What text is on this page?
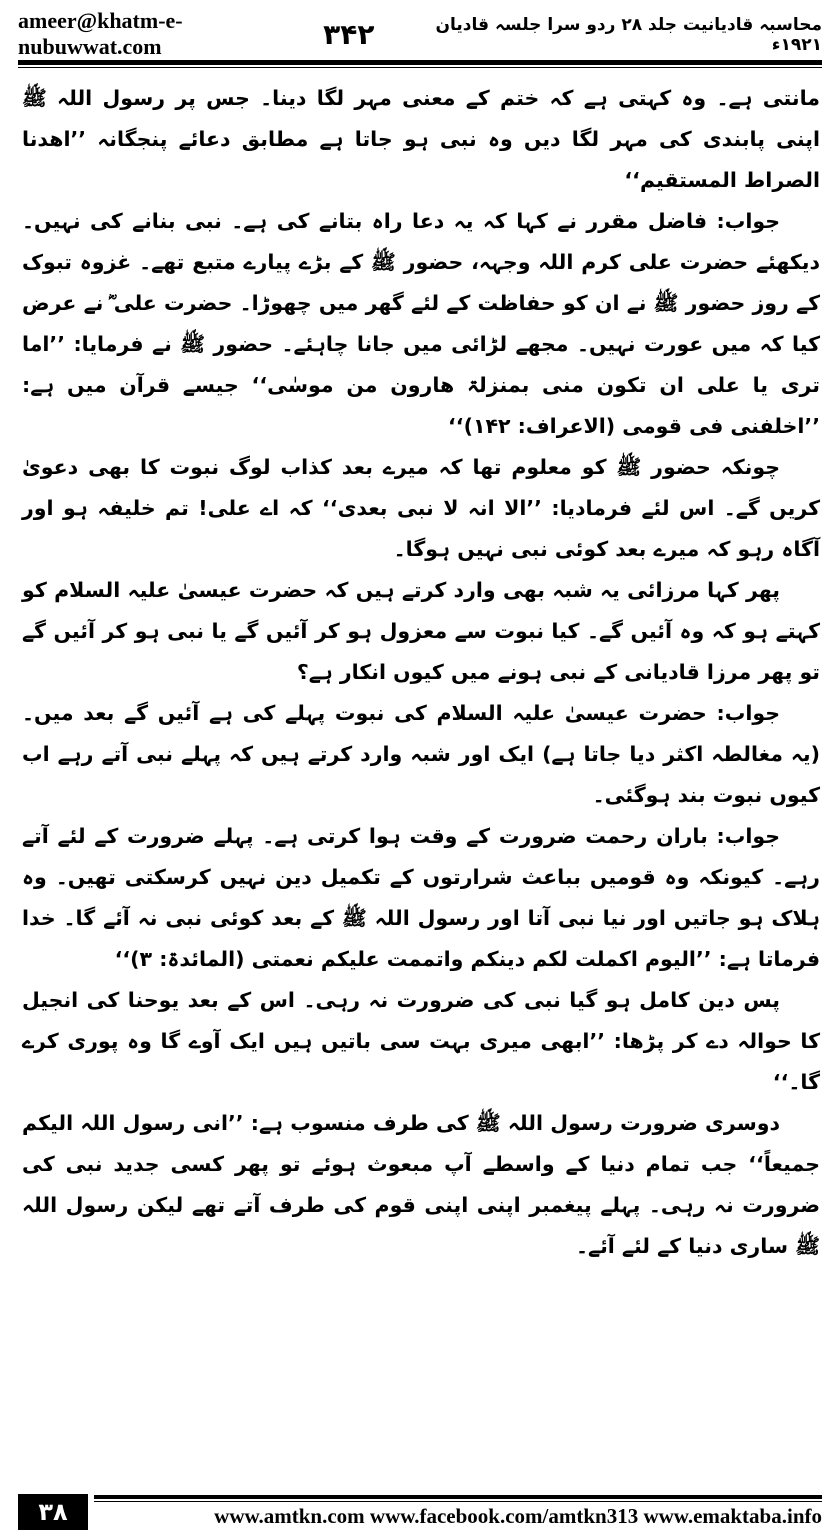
ameer@khatm-e-nubuwwat.com
محاسبہ قادیانیت جلد ۲۸ ردو سرا جلسہ قادیان ۱۹۲۱ء
۳۴۲

مانتی ہے۔ وہ کہتی ہے کہ ختم کے معنی مہر لگا دینا۔ جس پر رسول اللہ ﷺ اپنی پابندی کی مہر لگا دیں وہ نبی ہو جاتا ہے مطابق دعائے پنجگانہ ’’اھدنا الصراط المستقیم‘‘

جواب: فاضل مقرر نے کہا کہ یہ دعا راہ بتانے کی ہے۔ نبی بنانے کی نہیں۔ دیکھئے حضرت علی کرم اللہ وجہہ، حضور ﷺ کے بڑے پیارے متبع تھے۔ غزوہ تبوک کے روز حضور ﷺ نے ان کو حفاظت کے لئے گھر میں چھوڑا۔ حضرت علی ؓ نے عرض کیا کہ میں عورت نہیں۔ مجھے لڑائی میں جانا چاہئے۔ حضور ﷺ نے فرمایا: ’’اما تری یا علی ان تکون منی بمنزلۃ ھارون من موسٰی‘‘ جیسے قرآن میں ہے: ’’اخلفنی فی قومی (الاعراف: ۱۴۲)‘‘

چونکہ حضور ﷺ کو معلوم تھا کہ میرے بعد کذاب لوگ نبوت کا بھی دعویٰ کریں گے۔ اس لئے فرمادیا: ’’الا انہ لا نبی بعدی‘‘ کہ اے علی! تم خلیفہ ہو اور آگاہ رہو کہ میرے بعد کوئی نبی نہیں ہوگا۔

پھر کہا مرزائی یہ شبہ بھی وارد کرتے ہیں کہ حضرت عیسیٰ علیہ السلام کو کہتے ہو کہ وہ آئیں گے۔ کیا نبوت سے معزول ہو کر آئیں گے یا نبی ہو کر آئیں گے تو پھر مرزا قادیانی کے نبی ہونے میں کیوں انکار ہے؟

جواب: حضرت عیسیٰ علیہ السلام کی نبوت پہلے کی ہے آئیں گے بعد میں۔ (یہ مغالطہ اکثر دیا جاتا ہے) ایک اور شبہ وارد کرتے ہیں کہ پہلے نبی آتے رہے اب کیوں نبوت بند ہوگئی۔

جواب: باران رحمت ضرورت کے وقت ہوا کرتی ہے۔ پہلے ضرورت کے لئے آتے رہے۔ کیونکہ وہ قومیں بباعث شرارتوں کے تکمیل دین نہیں کرسکتی تھیں۔ وہ ہلاک ہو جاتیں اور نیا نبی آتا اور رسول اللہ ﷺ کے بعد کوئی نبی نہ آئے گا۔ خدا فرماتا ہے: ’’الیوم اکملت لکم دینکم واتممت علیکم نعمتی (المائدۃ: ۳)‘‘

پس دین کامل ہو گیا نبی کی ضرورت نہ رہی۔ اس کے بعد یوحنا کی انجیل کا حوالہ دے کر پڑھا: ’’ابھی میری بہت سی باتیں ہیں ایک آوے گا وہ پوری کرے گا۔‘‘

دوسری ضرورت رسول اللہ ﷺ کی طرف منسوب ہے: ’’انی رسول اللہ الیکم جمیعاً‘‘ جب تمام دنیا کے واسطے آپ مبعوث ہوئے تو پھر کسی جدید نبی کی ضرورت نہ رہی۔ پہلے پیغمبر اپنی اپنی قوم کی طرف آتے تھے لیکن رسول اللہ ﷺ ساری دنیا کے لئے آئے۔

۳۸	www.amtkn.com www.facebook.com/amtkn313 www.emaktaba.info
